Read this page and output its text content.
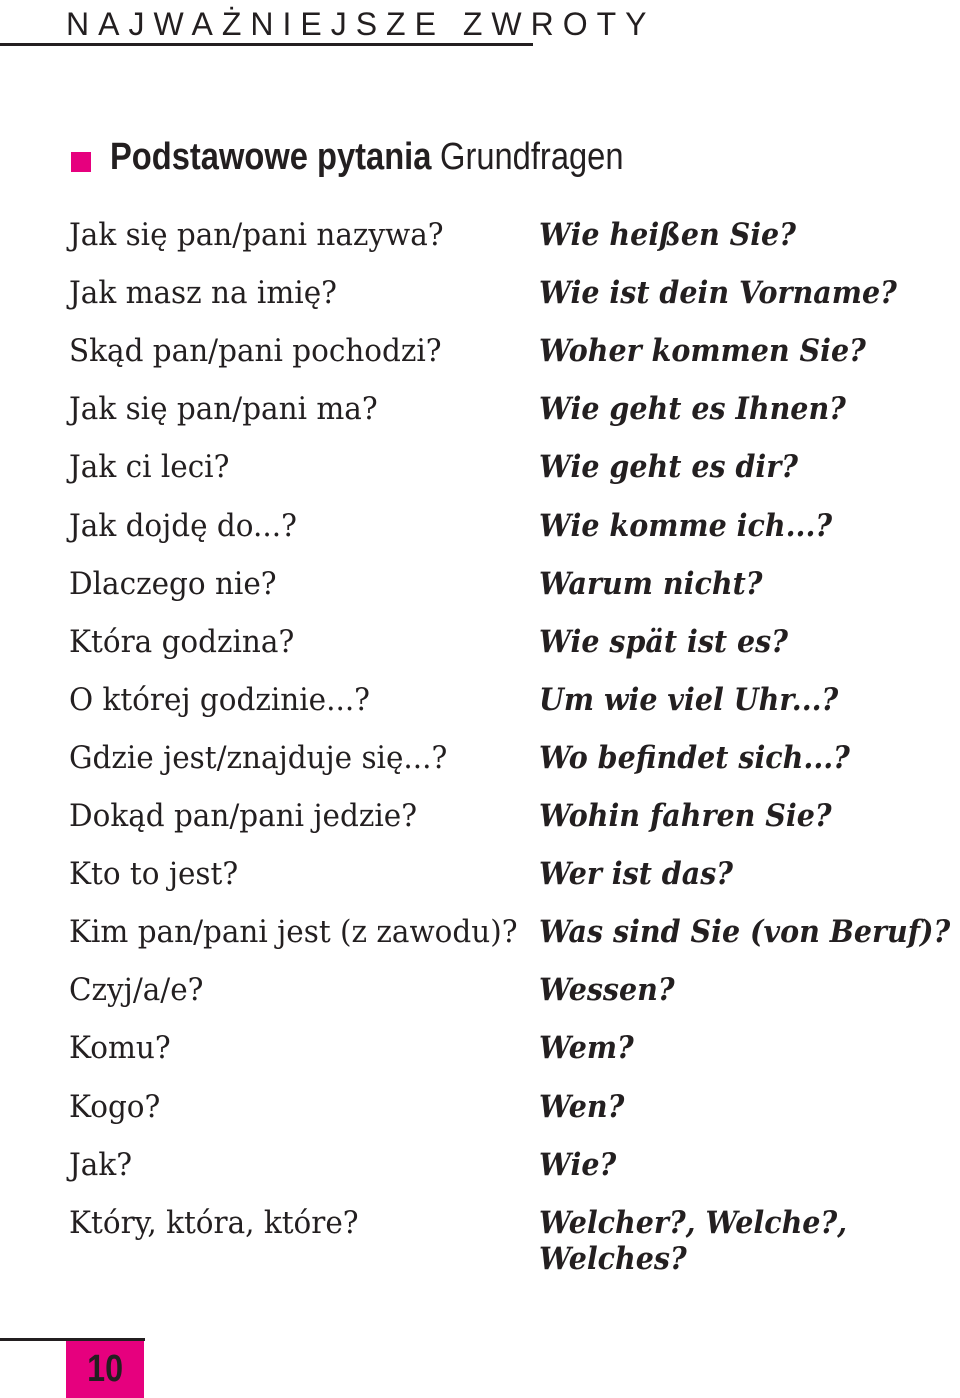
NAJWAŻNIEJSZE ZWROTY
Podstawowe pytania Grundfragen
Jak się pan/pani nazywa?	Wie heißen Sie?
Jak masz na imię?	Wie ist dein Vorname?
Skąd pan/pani pochodzi?	Woher kommen Sie?
Jak się pan/pani ma?	Wie geht es Ihnen?
Jak ci leci?	Wie geht es dir?
Jak dojdę do...?	Wie komme ich...?
Dlaczego nie?	Warum nicht?
Która godzina?	Wie spät ist es?
O której godzinie...?	Um wie viel Uhr...?
Gdzie jest/znajduje się...?	Wo befindet sich...?
Dokąd pan/pani jedzie?	Wohin fahren Sie?
Kto to jest?	Wer ist das?
Kim pan/pani jest (z zawodu)? Was sind Sie (von Beruf)?
Czyj/a/e?	Wessen?
Komu?	Wem?
Kogo?	Wen?
Jak?	Wie?
Który, która, które?	Welcher?, Welche?,
Welches?
10
